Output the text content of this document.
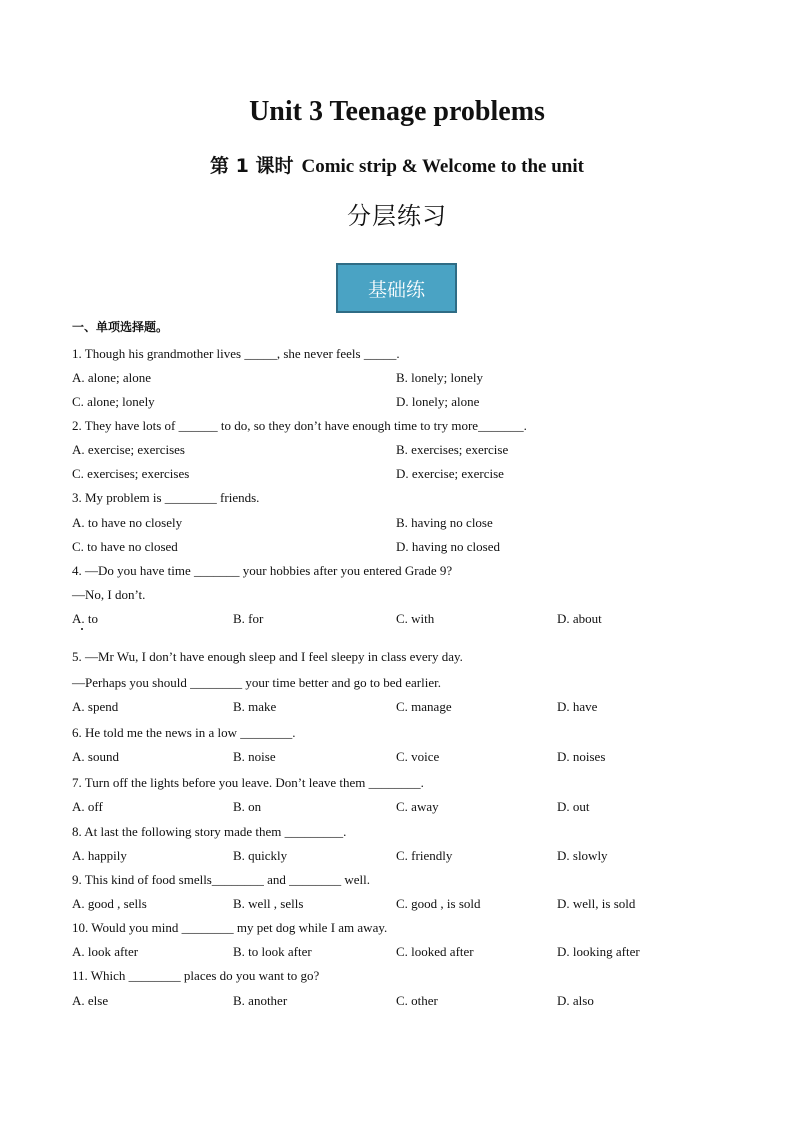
Unit 3 Teenage problems
第 1 课时 Comic strip & Welcome to the unit
分层练习
基础练
一、单项选择题。
1. Though his grandmother lives _____, she never feels _____.
A. alone; alone	B. lonely; lonely
C. alone; lonely	D. lonely; alone
2. They have lots of ______ to do, so they don’t have enough time to try more_______.
A. exercise; exercises	B. exercises; exercise
C. exercises; exercises	D. exercise; exercise
3. My problem is ________ friends.
A. to have no closely	B. having no close
C. to have no closed	D. having no closed
4. —Do you have time _______ your hobbies after you entered Grade 9?
—No, I don’t.
A. to	B. for	C. with	D. about
5. —Mr Wu, I don’t have enough sleep and I feel sleepy in class every day.
—Perhaps you should ________ your time better and go to bed earlier.
A. spend	B. make	C. manage	D. have
6. He told me the news in a low ________.
A. sound	B. noise	C. voice	D. noises
7. Turn off the lights before you leave. Don’t leave them ________.
A. off	B. on	C. away	D. out
8. At last the following story made them _________.
A. happily	B. quickly	C. friendly	D. slowly
9. This kind of food smells________ and ________ well.
A. good , sells	B. well , sells	C. good , is sold	D. well, is sold
10. Would you mind ________ my pet dog while I am away.
A. look after	B. to look after	C. looked after	D. looking after
11. Which ________ places do you want to go?
A. else	B. another	C. other	D. also
